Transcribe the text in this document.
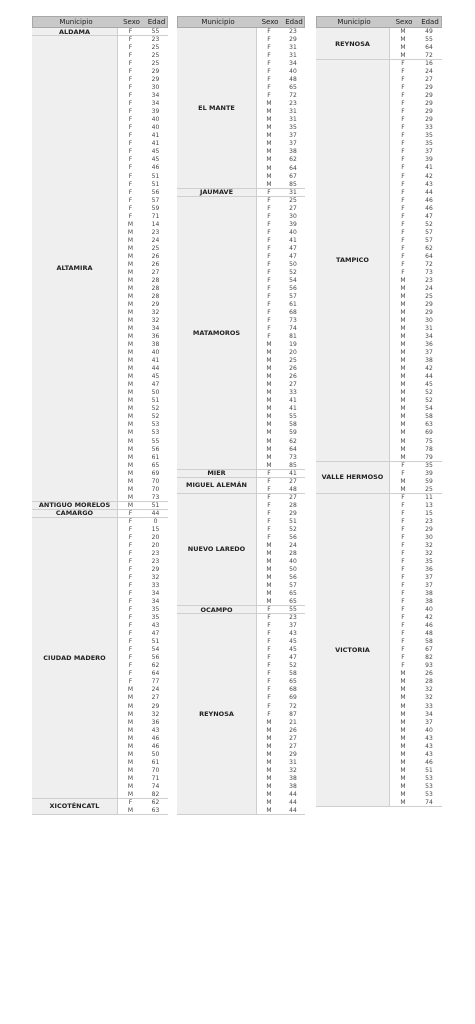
Municipio	Sexo	Edad
ALDAMA	F	55
ALTAMIRA
F	23
F	25
F	25
F	25
F	29
F	29
F	30
F	34
F	34
F	39
F	40
F	40
F	41
F	41
F	45
F	45
F	46
F	51
F	51
F	56
F	57
F	59
F	71
M	14
M	23
M	24
M	25
M	26
M	26
M	27
M	28
M	28
M	28
M	29
M	32
M	32
M	34
M	36
M	38
M	40
M	41
M	44
M	45
M	47
M	50
M	51
M	52
M	52
M	53
M	53
M	55
M	56
M	61
M	65
M	69
M	70
M	70
M	73
ANTIGUO MORELOS	M	51
CAMARGO	F	44
CIUDAD MADERO
F	0
F	15
F	20
F	20
F	23
F	23
F	29
F	32
F	33
F	34
F	34
F	35
F	35
F	43
F	47
F	51
F	54
F	56
F	62
F	64
F	77
M	24
M	27
M	29
M	32
M	36
M	43
M	46
M	46
M	50
M	61
M	70
M	71
M	74
M	82
XICOTÉNCATL
F	62
M	63
Municipio	Sexo Edad
EL MANTE
F	23
F	29
F	31
F	31
F	34
F	40
F	48
F	65
F	72
M	23
M	31
M	31
M	35
M	37
M	37
M	38
M	62
M	64
M	67
M	85
JAUMAVE	F	31
MATAMOROS
F	25
F	27
F	30
F	39
F	40
F	41
F	47
F	47
F	50
F	52
F	54
F	56
F	57
F	61
F	68
F	73
F	74
F	81
M	19
M	20
M	25
M	26
M	26
M	27
M	33
M	41
M	41
M	55
M	58
M	59
M	62
M	64
M	73
M	85
MIER	F	41
MIGUEL ALEMÁN
F	27
F	48
NUEVO LAREDO
F	27
F	28
F	29
F	51
F	52
F	56
M	24
M	28
M	40
M	50
M	56
M	57
M	65
M	65
OCAMPO	F	55
REYNOSA
F	23
F	37
F	43
F	45
F	45
F	47
F	52
F	58
F	65
F	68
F	69
F	72
F	87
M	21
M	26
M	27
M	27
M	29
M	31
M	32
M	38
M	38
M	44
M	44
M	44
Municipio	Sexo	Edad
REYNOSA
M	49
M	55
M	64
M	72
TAMPICO
F	16
F	24
F	27
F	29
F	29
F	29
F	29
F	29
F	33
F	35
F	35
F	37
F	39
F	41
F	42
F	43
F	44
F	46
F	46
F	47
F	52
F	57
F	57
F	62
F	64
F	72
F	73
M	23
M	24
M	25
M	29
M	29
M	30
M	31
M	34
M	36
M	37
M	38
M	42
M	44
M	45
M	52
M	52
M	54
M	58
M	63
M	69
M	75
M	78
M	79
VALLE HERMOSO
F	35
F	39
M	59
M	25
VICTORIA
F	11
F	13
F	15
F	23
F	29
F	30
F	32
F	32
F	35
F	36
F	37
F	37
F	38
F	38
F	40
F	42
F	46
F	48
F	58
F	67
F	82
F	93
M	26
M	28
M	32
M	32
M	33
M	34
M	37
M	40
M	43
M	43
M	43
M	46
M	51
M	53
M	53
M	53
M	74
